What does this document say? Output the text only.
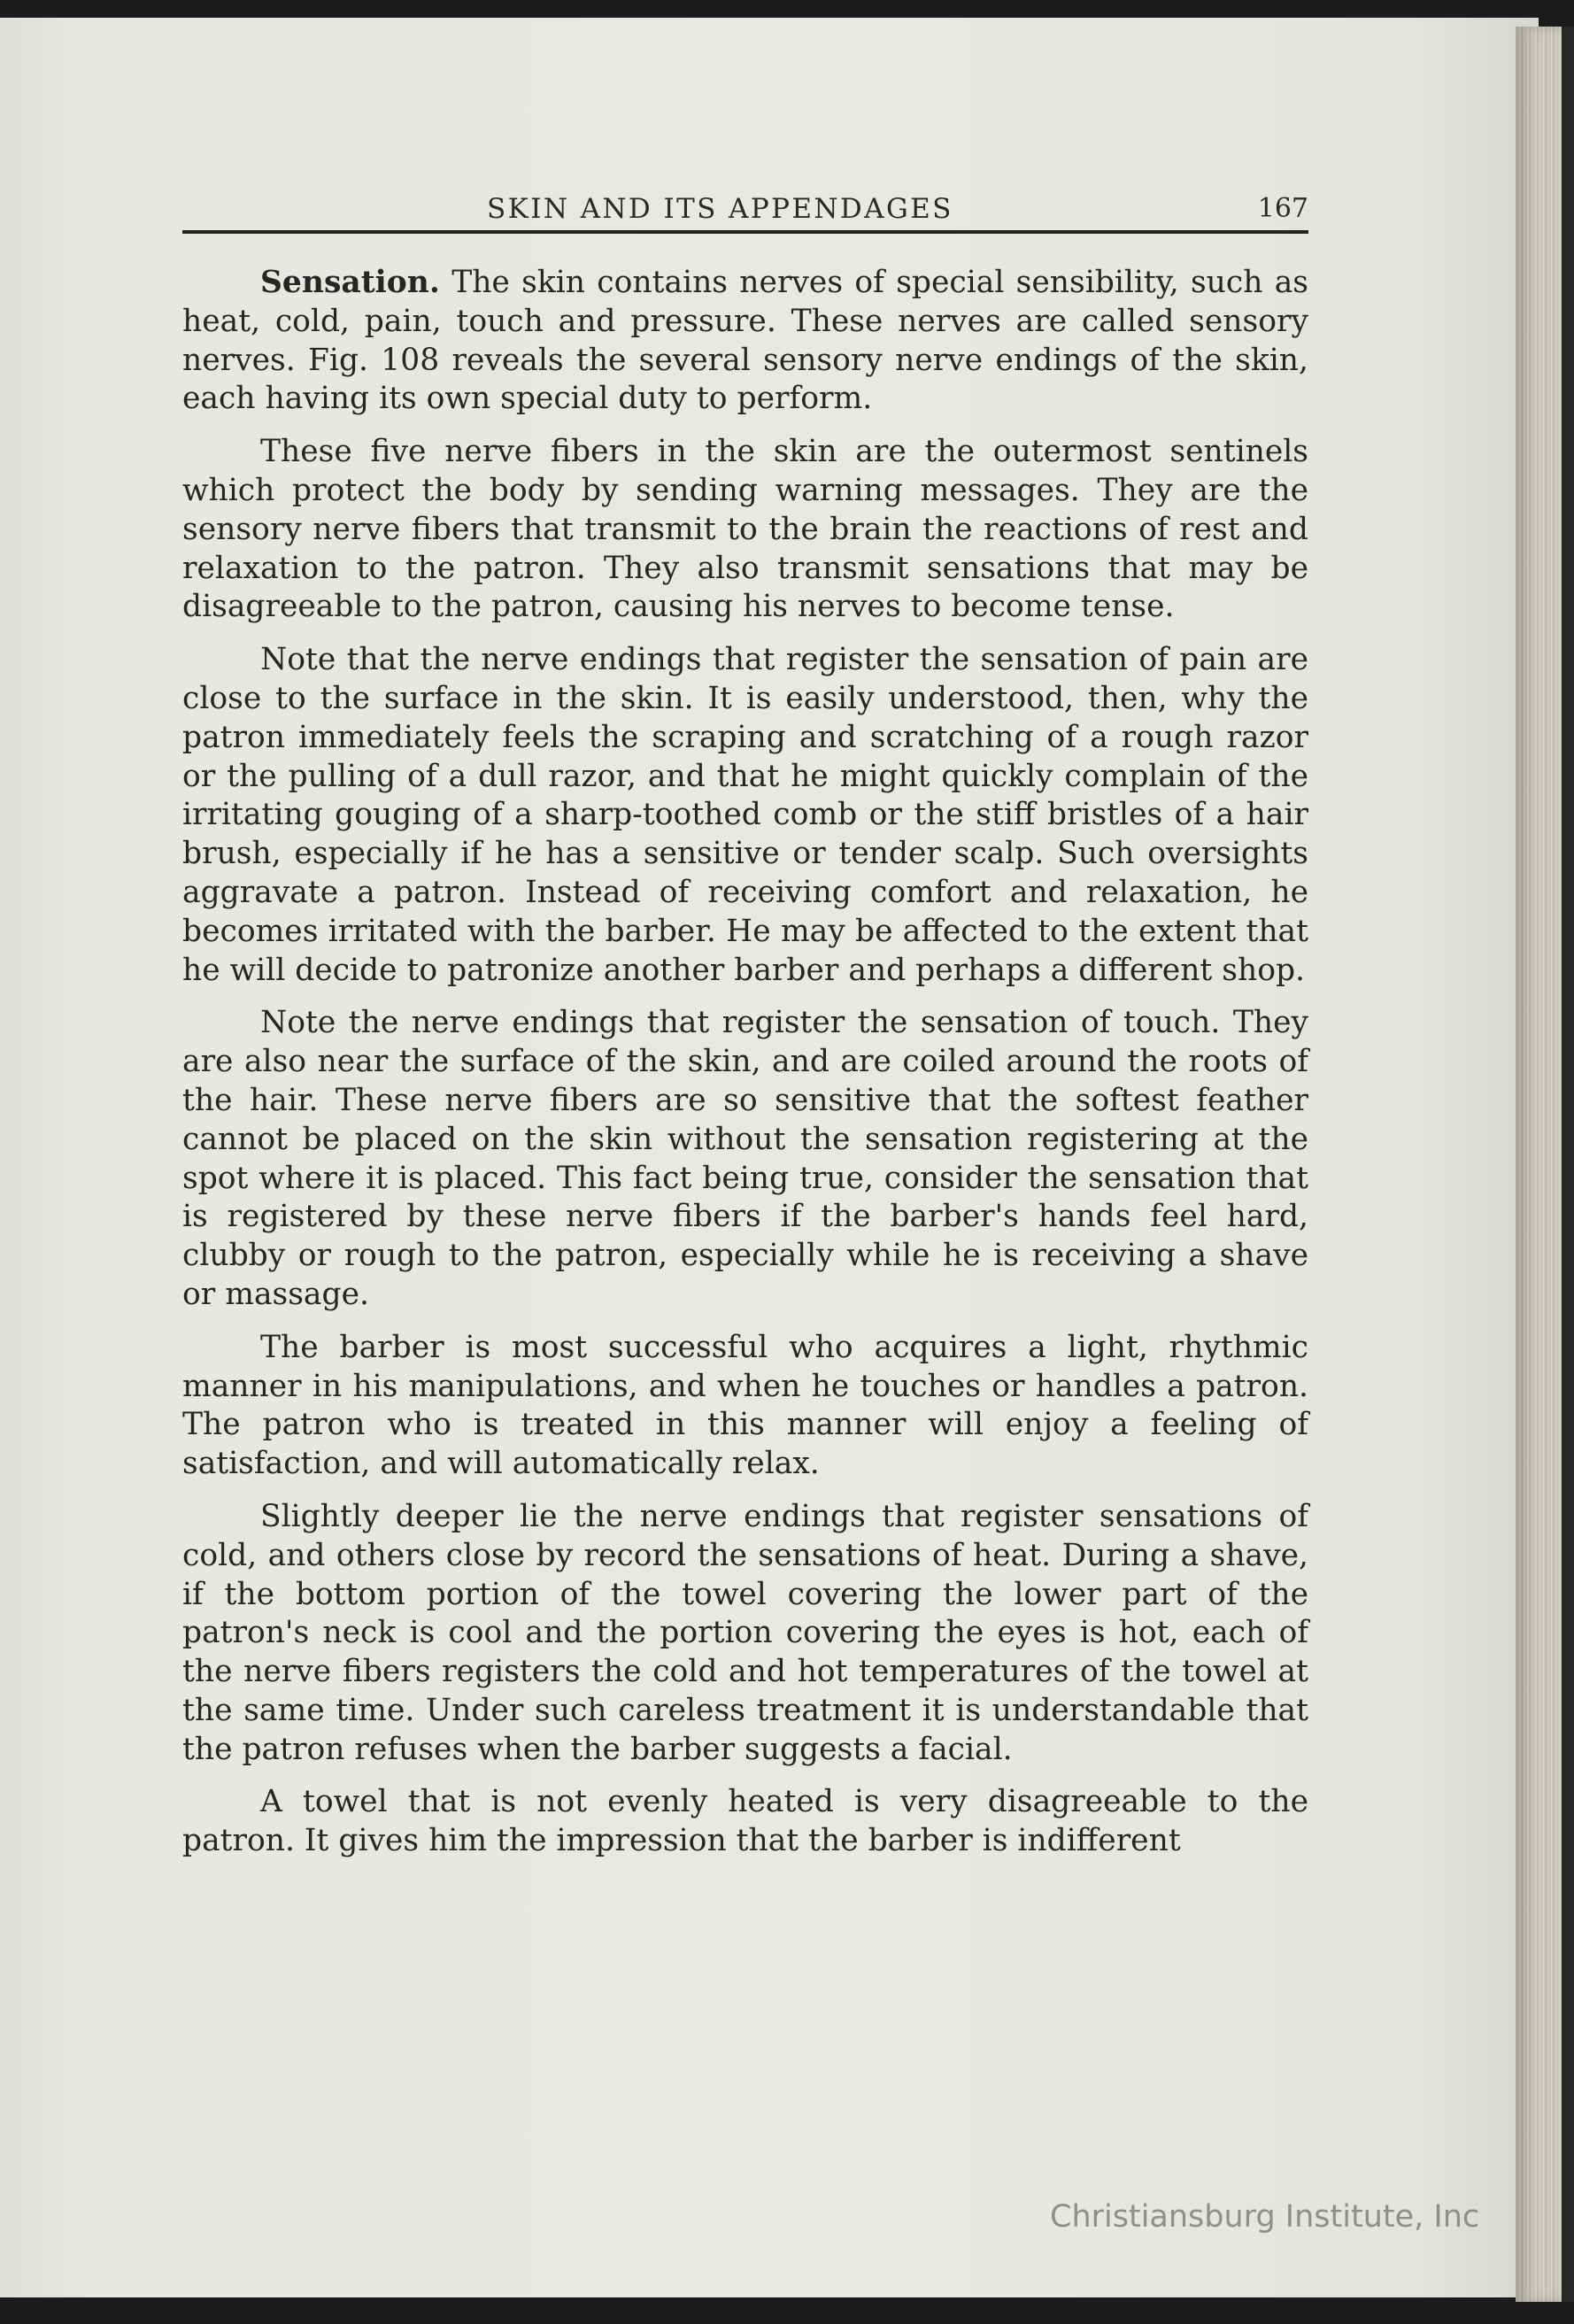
SKIN AND ITS APPENDAGES	167

Sensation. The skin contains nerves of special sensibility, such as heat, cold, pain, touch and pressure. These nerves are called sensory nerves. Fig. 108 reveals the several sensory nerve endings of the skin, each having its own special duty to perform.

These five nerve fibers in the skin are the outermost sentinels which protect the body by sending warning messages. They are the sensory nerve fibers that transmit to the brain the reactions of rest and relaxation to the patron. They also transmit sensations that may be disagreeable to the patron, causing his nerves to become tense.

Note that the nerve endings that register the sensation of pain are close to the surface in the skin. It is easily understood, then, why the patron immediately feels the scraping and scratching of a rough razor or the pulling of a dull razor, and that he might quickly complain of the irritating gouging of a sharp-toothed comb or the stiff bristles of a hair brush, especially if he has a sensitive or tender scalp. Such oversights aggravate a patron. Instead of receiving comfort and relaxation, he becomes irritated with the barber. He may be affected to the extent that he will decide to patronize another barber and perhaps a different shop.

Note the nerve endings that register the sensation of touch. They are also near the surface of the skin, and are coiled around the roots of the hair. These nerve fibers are so sensitive that the softest feather cannot be placed on the skin without the sensation registering at the spot where it is placed. This fact being true, consider the sensation that is registered by these nerve fibers if the barber's hands feel hard, clubby or rough to the patron, especially while he is receiving a shave or massage.

The barber is most successful who acquires a light, rhythmic manner in his manipulations, and when he touches or handles a patron. The patron who is treated in this manner will enjoy a feeling of satisfaction, and will automatically relax.

Slightly deeper lie the nerve endings that register sensations of cold, and others close by record the sensations of heat. During a shave, if the bottom portion of the towel covering the lower part of the patron's neck is cool and the portion covering the eyes is hot, each of the nerve fibers registers the cold and hot temperatures of the towel at the same time. Under such careless treatment it is understandable that the patron refuses when the barber suggests a facial.

A towel that is not evenly heated is very disagreeable to the patron. It gives him the impression that the barber is indifferent

Christiansburg Institute, Inc
